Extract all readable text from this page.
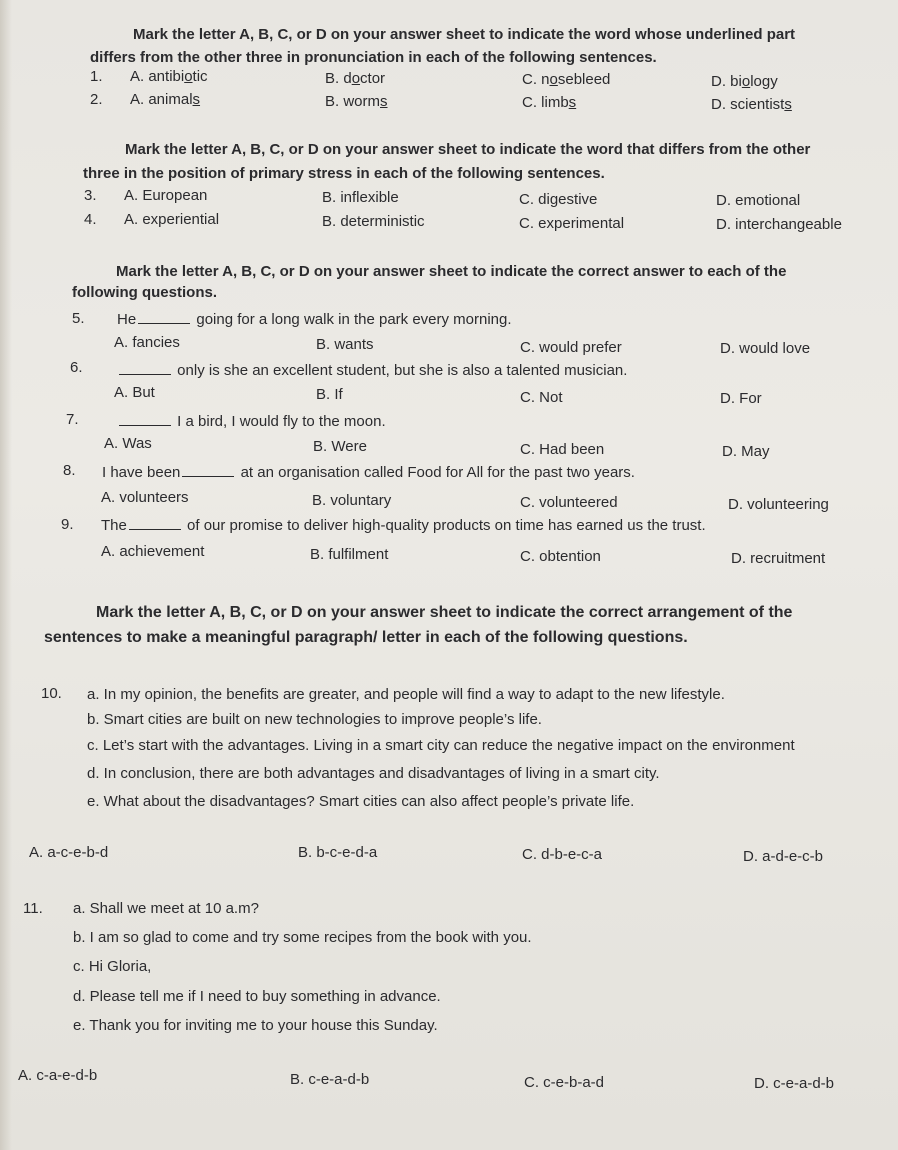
Mark the letter A, B, C, or D on your answer sheet to indicate the word whose underlined part
differs from the other three in pronunciation in each of the following sentences.
1. A. antibiotic	B. doctor	C. nosebleed	D. biology
2. A. animals	B. worms	C. limbs	D. scientists
Mark the letter A, B, C, or D on your answer sheet to indicate the word that differs from the other
three in the position of primary stress in each of the following sentences.
3. A. European	B. inflexible	C. digestive	D. emotional
4. A. experiential	B. deterministic	C. experimental	D. interchangeable
Mark the letter A, B, C, or D on your answer sheet to indicate the correct answer to each of the
following questions.
5. He	going for a long walk in the park every morning.
A. fancies	B. wants	C. would prefer	D. would love
6.	only is she an excellent student, but she is also a talented musician.
A. But	B. If	C. Not	D. For
7.	I a bird, I would fly to the moon.
A. Was	B. Were	C. Had been	D. May
8. I have been	at an organisation called Food for All for the past two years.
A. volunteers	B. voluntary	C. volunteered	D. volunteering
9. The	of our promise to deliver high-quality products on time has earned us the trust.
A. achievement	B. fulfilment	C. obtention	D. recruitment
Mark the letter A, B, C, or D on your answer sheet to indicate the correct arrangement of the
sentences to make a meaningful paragraph/ letter in each of the following questions.
10. a. In my opinion, the benefits are greater, and people will find a way to adapt to the new lifestyle.
b. Smart cities are built on new technologies to improve people’s life.
c. Let’s start with the advantages. Living in a smart city can reduce the negative impact on the environment
d. In conclusion, there are both advantages and disadvantages of living in a smart city.
e. What about the disadvantages? Smart cities can also affect people’s private life.
A. a-c-e-b-d	B. b-c-e-d-a	C. d-b-e-c-a	D. a-d-e-c-b
11. a. Shall we meet at 10 a.m?
b. I am so glad to come and try some recipes from the book with you.
c. Hi Gloria,
d. Please tell me if I need to buy something in advance.
e. Thank you for inviting me to your house this Sunday.
A. c-a-e-d-b	B. c-e-a-d-b	C. c-e-b-a-d	D. c-e-a-d-b
